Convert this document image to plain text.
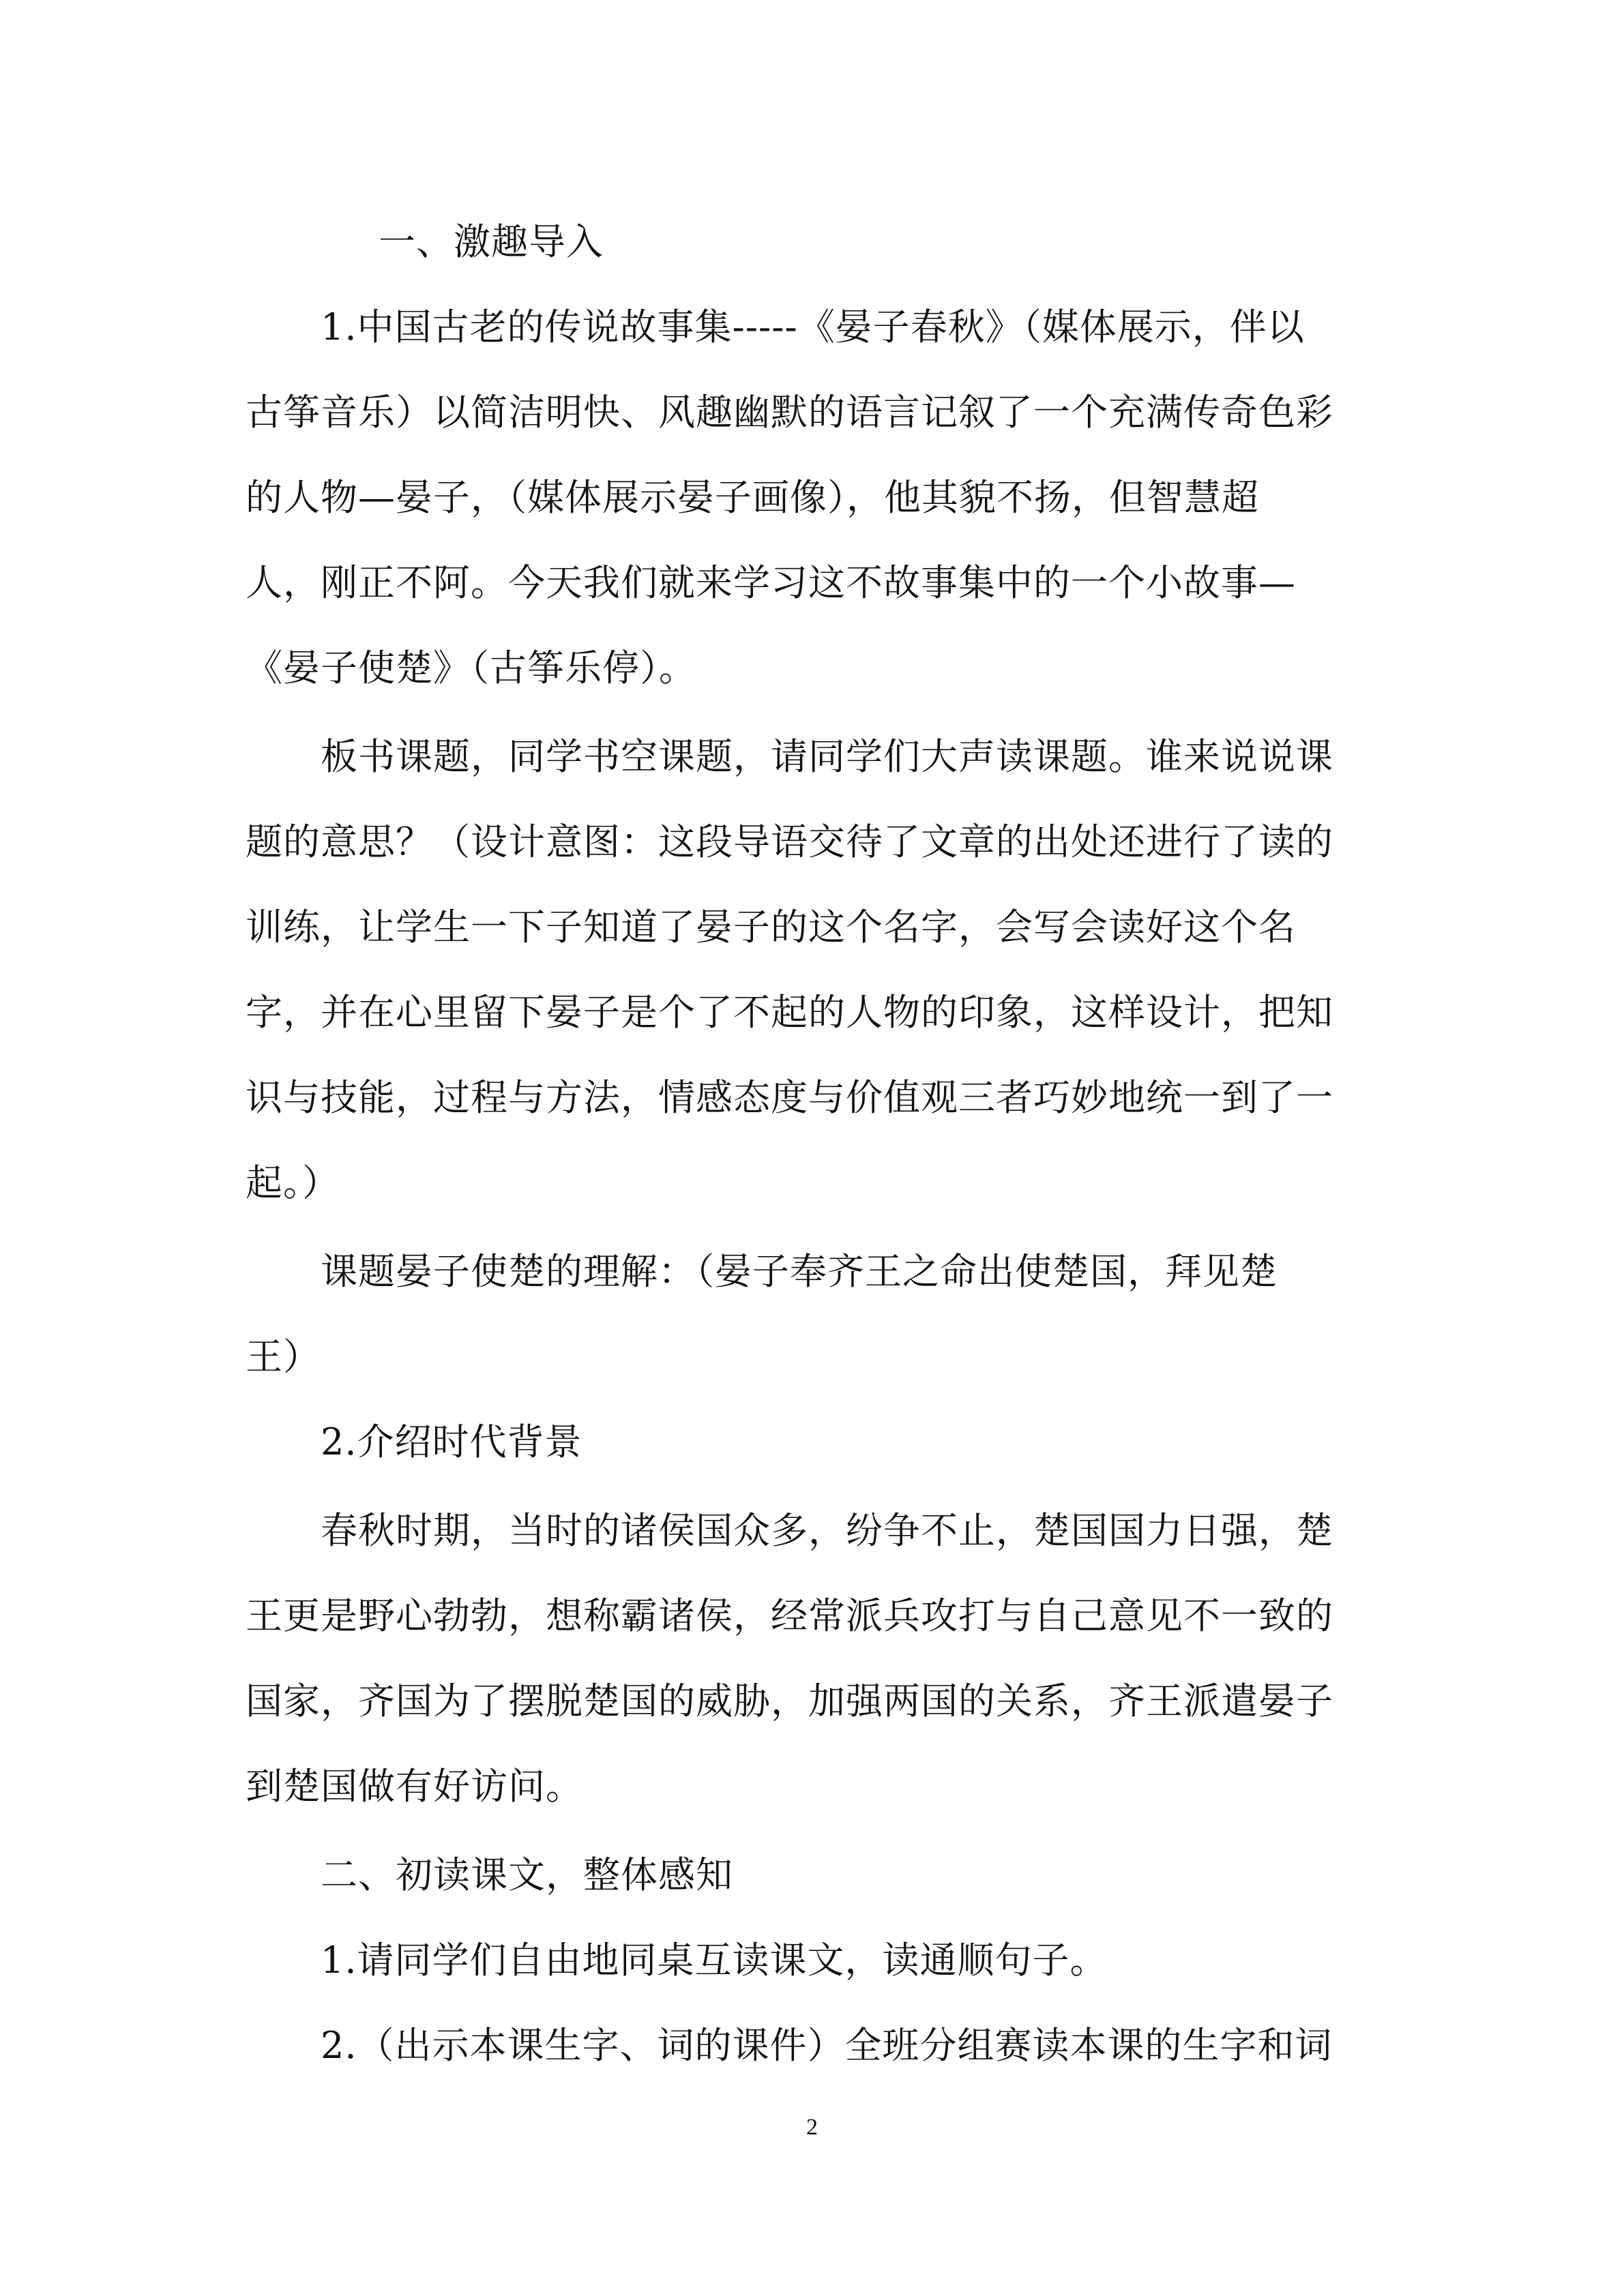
一、激趣导入
1.中国古老的传说故事集-----《晏子春秋》（媒体展示，伴以
古筝音乐）以简洁明快、风趣幽默的语言记叙了一个充满传奇色彩
的人物—晏子，（媒体展示晏子画像），他其貌不扬，但智慧超
人，刚正不阿。今天我们就来学习这不故事集中的一个小故事—
《晏子使楚》（古筝乐停）。
板书课题，同学书空课题，请同学们大声读课题。谁来说说课
题的意思？（设计意图：这段导语交待了文章的出处还进行了读的
训练，让学生一下子知道了晏子的这个名字，会写会读好这个名
字，并在心里留下晏子是个了不起的人物的印象，这样设计，把知
识与技能，过程与方法，情感态度与价值观三者巧妙地统一到了一
起。）
课题晏子使楚的理解：（晏子奉齐王之命出使楚国，拜见楚
王）
2.介绍时代背景
春秋时期，当时的诸侯国众多，纷争不止，楚国国力日强，楚
王更是野心勃勃，想称霸诸侯，经常派兵攻打与自己意见不一致的
国家，齐国为了摆脱楚国的威胁，加强两国的关系，齐王派遣晏子
到楚国做有好访问。
二、初读课文，整体感知
1.请同学们自由地同桌互读课文，读通顺句子。
2.（出示本课生字、词的课件）全班分组赛读本课的生字和词
2
